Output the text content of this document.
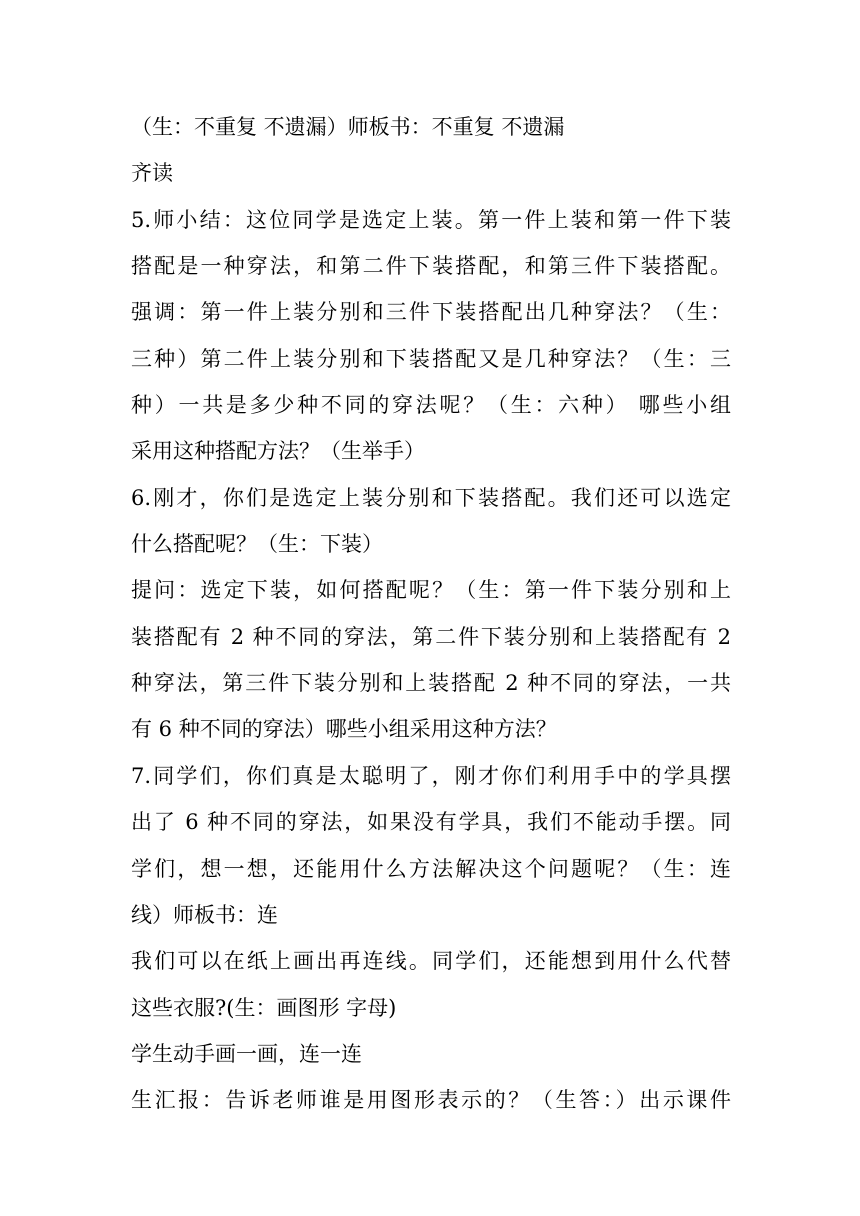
（生：不重复 不遗漏）师板书：不重复 不遗漏
齐读
5.师小结：这位同学是选定上装。第一件上装和第一件下装
搭配是一种穿法，和第二件下装搭配，和第三件下装搭配。
强调：第一件上装分别和三件下装搭配出几种穿法？（生：
三种）第二件上装分别和下装搭配又是几种穿法？（生：三
种）一共是多少种不同的穿法呢？（生：六种） 哪些小组
采用这种搭配方法？（生举手）
6.刚才，你们是选定上装分别和下装搭配。我们还可以选定
什么搭配呢？（生：下装）
提问：选定下装，如何搭配呢？（生：第一件下装分别和上
装搭配有 2 种不同的穿法，第二件下装分别和上装搭配有 2
种穿法，第三件下装分别和上装搭配 2 种不同的穿法，一共
有 6 种不同的穿法）哪些小组采用这种方法？
7.同学们，你们真是太聪明了，刚才你们利用手中的学具摆
出了 6 种不同的穿法，如果没有学具，我们不能动手摆。同
学们，想一想，还能用什么方法解决这个问题呢？（生：连
线）师板书：连
我们可以在纸上画出再连线。同学们，还能想到用什么代替
这些衣服?(生：画图形 字母)
学生动手画一画，连一连
生汇报：告诉老师谁是用图形表示的？（生答：）出示课件
